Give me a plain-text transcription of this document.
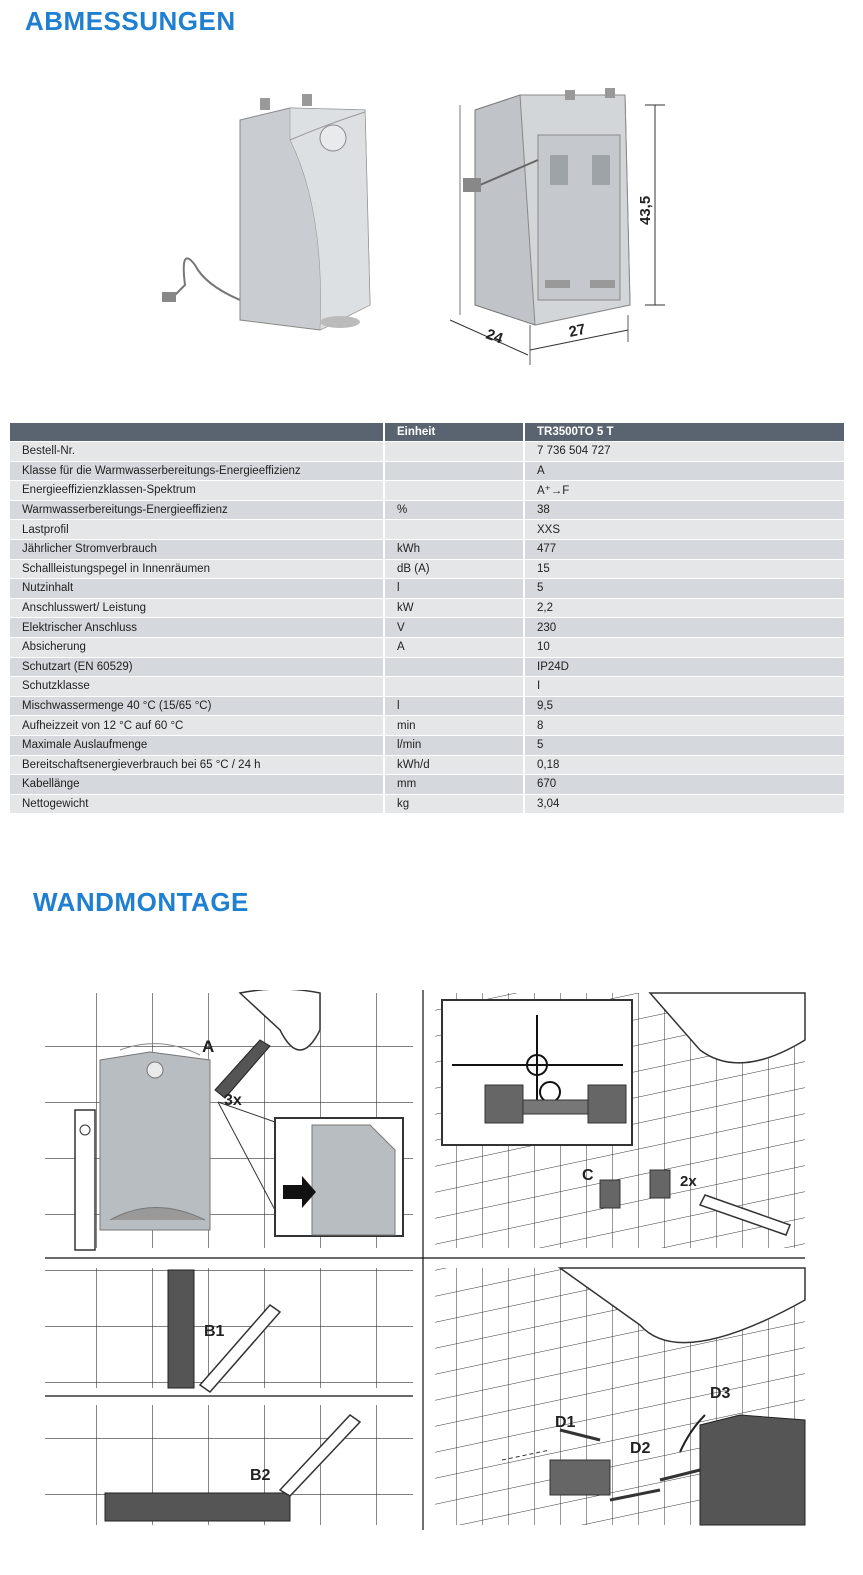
ABMESSUNGEN
24	27
43,5
	Einheit	TR3500TO 5 T
Bestell-Nr.		7 736 504 727
Klasse für die Warmwasserbereitungs-Energieeffizienz		A
Energieeffizienzklassen-Spektrum		A⁺→F
Warmwasserbereitungs-Energieeffizienz	%	38
Lastprofil		XXS
Jährlicher Stromverbrauch	kWh	477
Schallleistungspegel in Innenräumen	dB (A)	15
Nutzinhalt	l	5
Anschlusswert/ Leistung	kW	2,2
Elektrischer Anschluss	V	230
Absicherung	A	10
Schutzart (EN 60529)		IP24D
Schutzklasse		I
Mischwassermenge 40 °C (15/65 °C)	l	9,5
Aufheizzeit von 12 °C auf 60 °C	min	8
Maximale Auslaufmenge	l/min	5
Bereitschaftsenergieverbrauch bei 65 °C / 24 h	kWh/d	0,18
Kabellänge	mm	670
Nettogewicht	kg	3,04
WANDMONTAGE
A
3x
C	2x
B1
B2
D1
D2
D3
